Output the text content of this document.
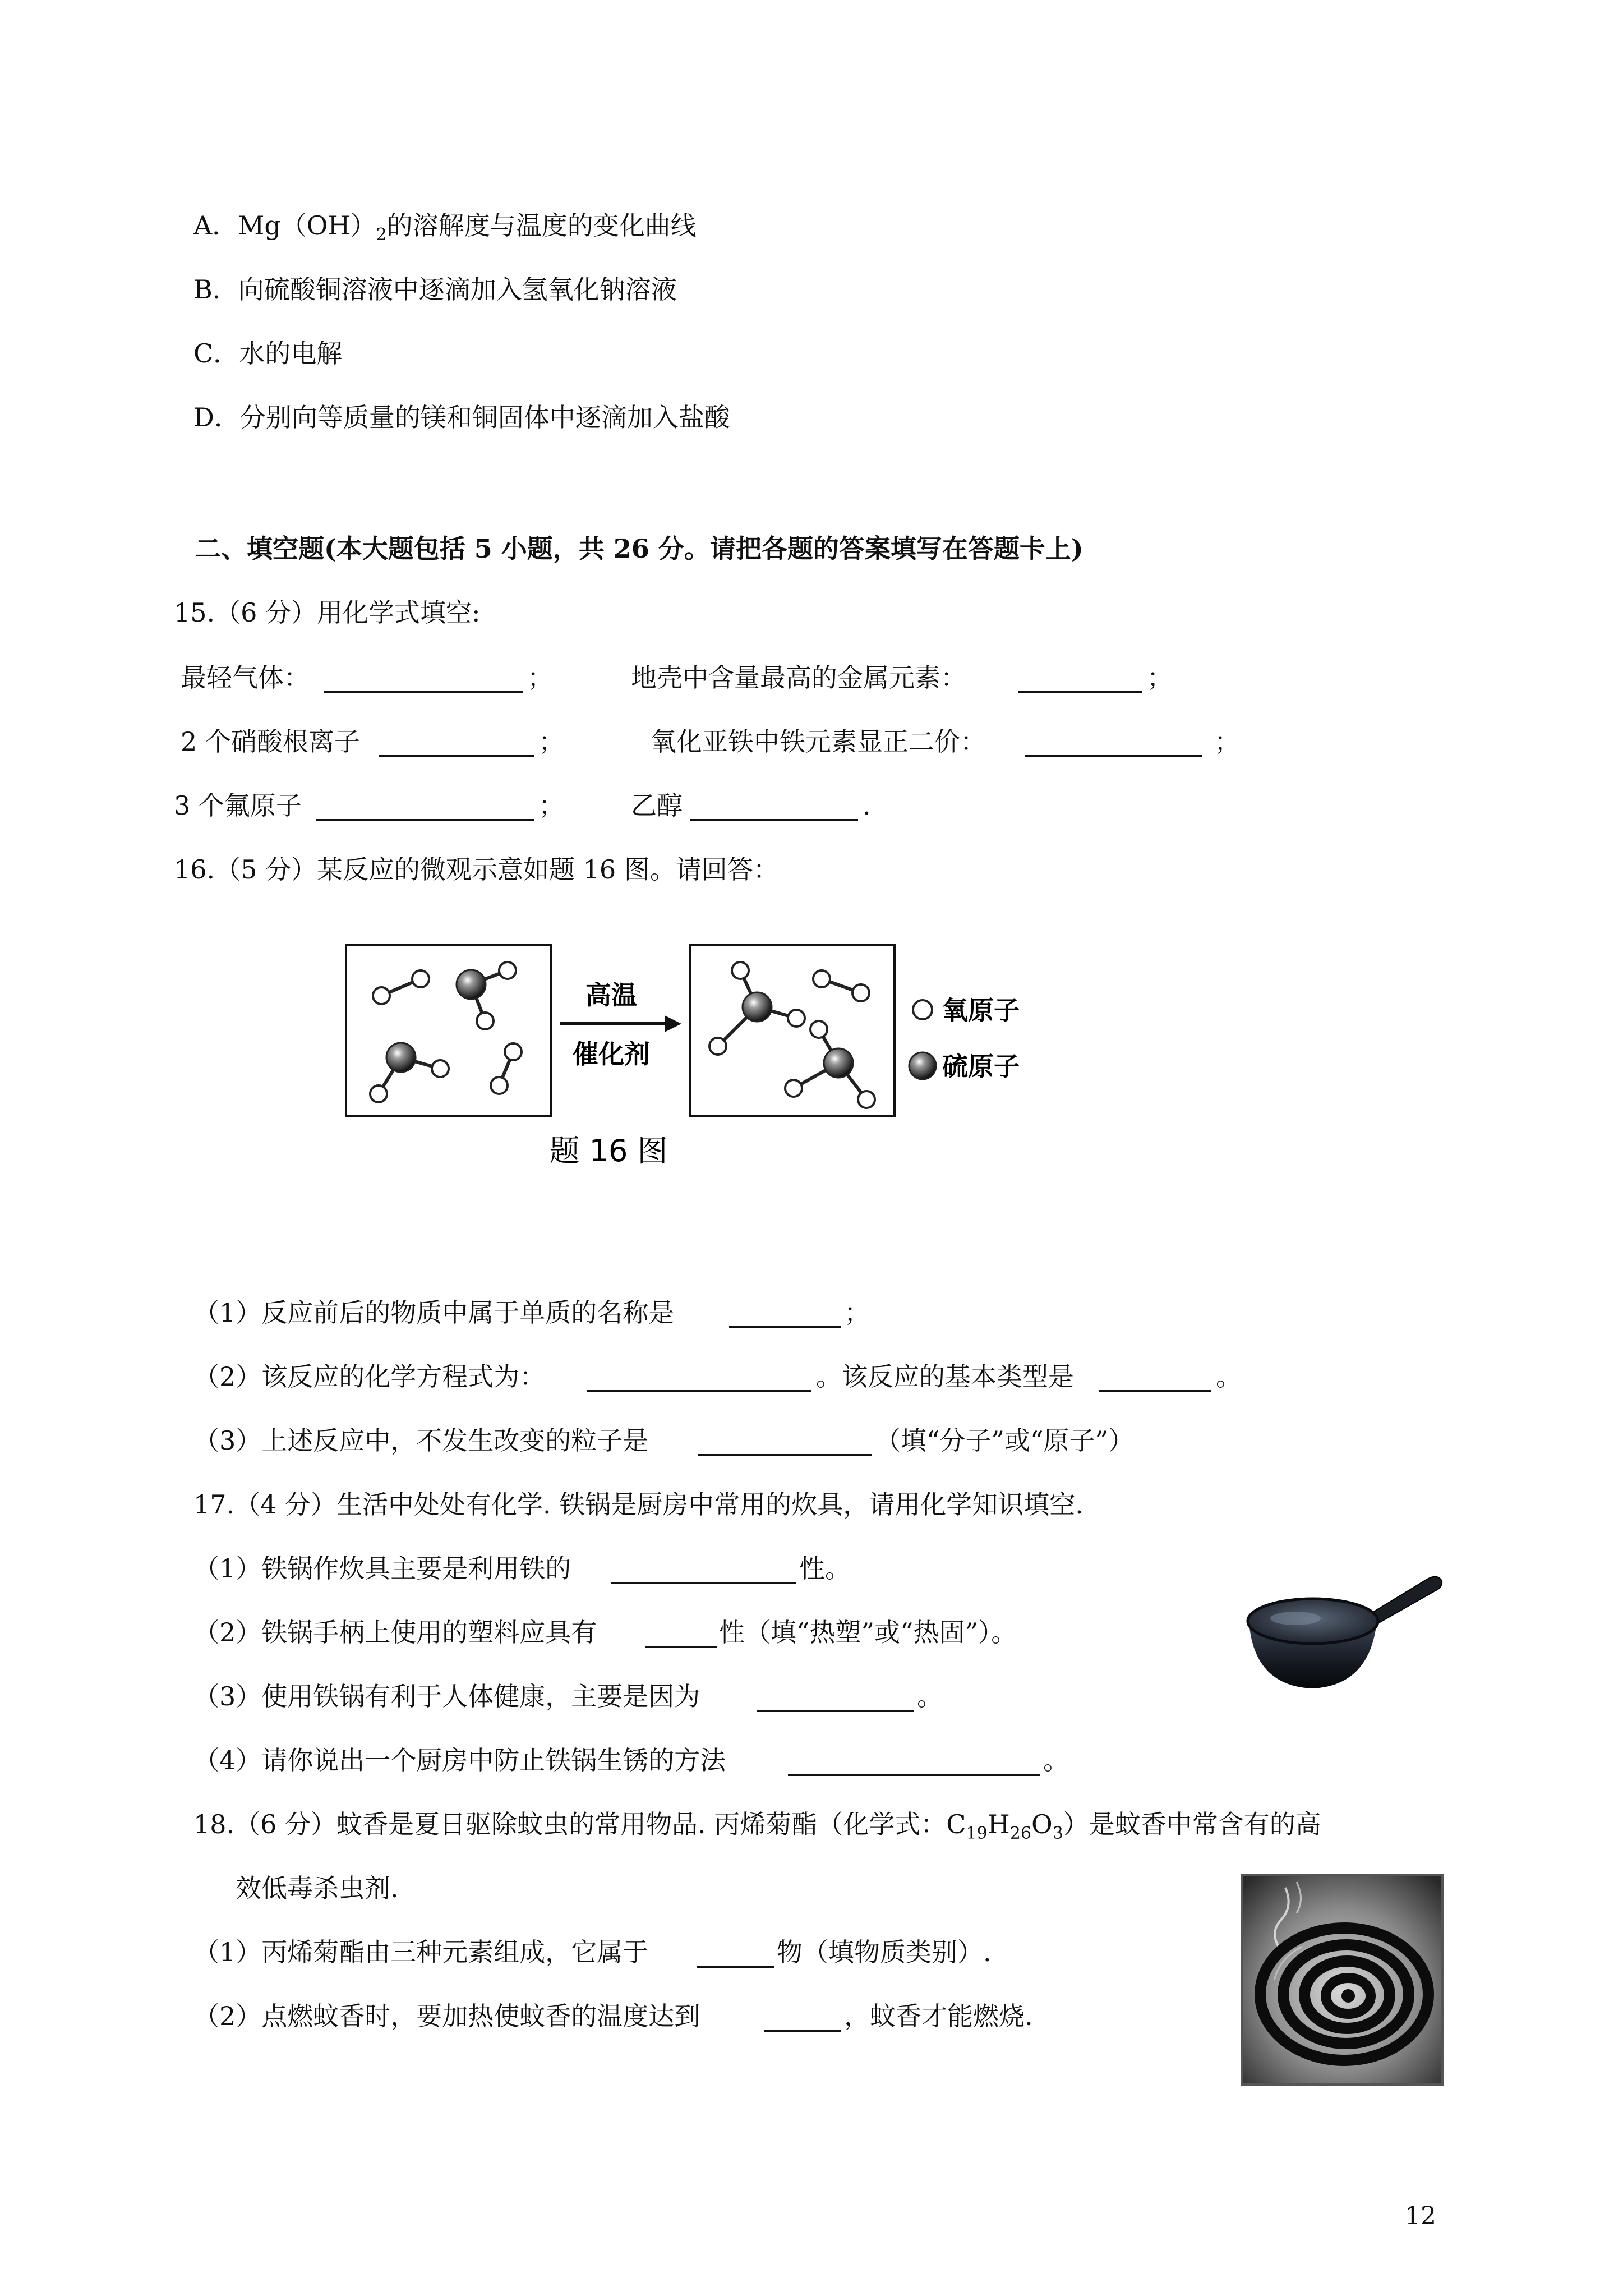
A．$Mg(OH)_2$的溶解度与温度的变化曲线
B．向硫酸铜溶液中逐滴加入氢氧化钠溶液
C．水的电解
D．分别向等质量的镁和铜固体中逐滴加入盐酸
二、填空题(本大题包括 5 小题，共 26 分。请把各题的答案填写在答题卡上)
15.（6 分）用化学式填空:
最轻气体：	；	地壳中含量最高的金属元素：	；
2 个硝酸根离子	；	氧化亚铁中铁元素显正二价：	；
3 个氟原子	；	乙醇	.
16.（5 分）某反应的微观示意如题 16 图。请回答：
高温
催化剂
氧原子
硫原子
题 16 图
（1）反应前后的物质中属于单质的名称是	；
（2）该反应的化学方程式为：	。该反应的基本类型是	。
（3）上述反应中，不发生改变的粒子是	（填“分子”或“原子”）
17.（4 分）生活中处处有化学. 铁锅是厨房中常用的炊具，请用化学知识填空.
（1）铁锅作炊具主要是利用铁的	性。
（2）铁锅手柄上使用的塑料应具有	性（填“热塑”或“热固”）。
（3）使用铁锅有利于人体健康，主要是因为	。
（4）请你说出一个厨房中防止铁锅生锈的方法	。
18.（6 分）蚊香是夏日驱除蚊虫的常用物品. 丙烯菊酯（化学式：$C_{19}H_{26}O_3$）是蚊香中常含有的高
效低毒杀虫剂.
（1）丙烯菊酯由三种元素组成，它属于	物（填物质类别）.
（2）点燃蚊香时，要加热使蚊香的温度达到	，蚊香才能燃烧.
12
